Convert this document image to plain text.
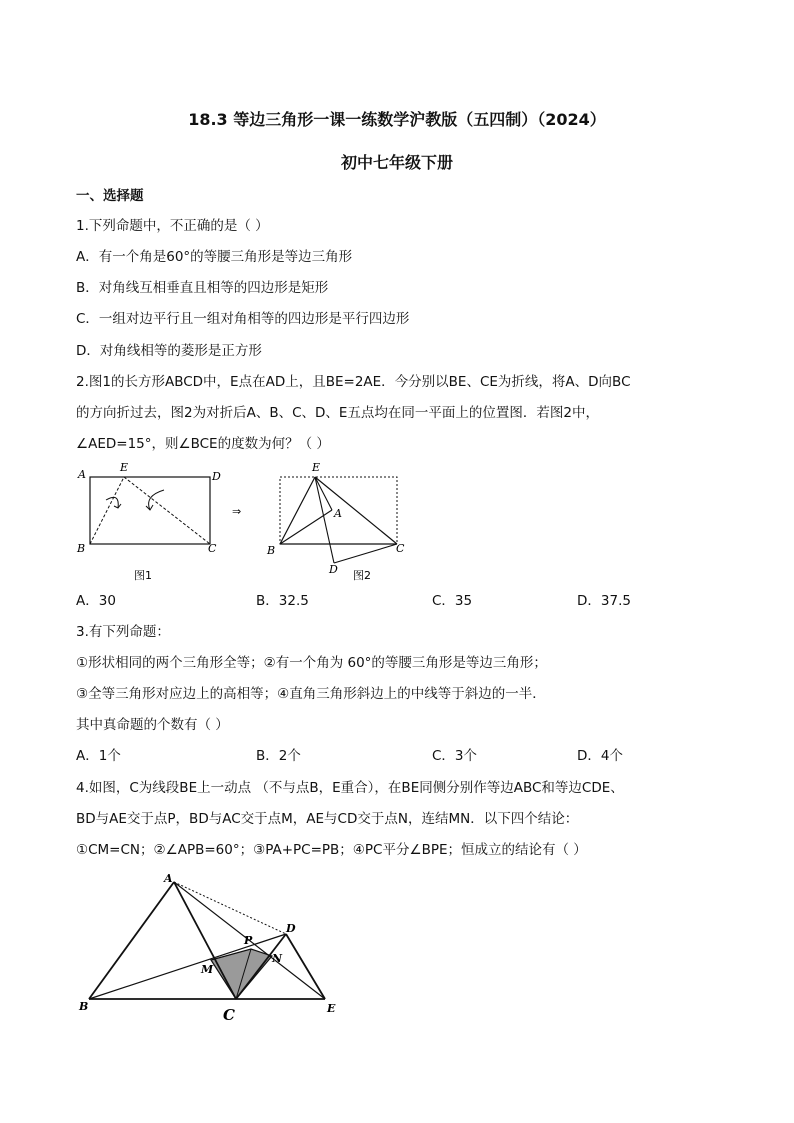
18.3 等边三角形一课一练数学沪教版（五四制）（2024）
初中七年级下册
一、选择题
1.下列命题中，不正确的是（ ）
A．有一个角是60°的等腰三角形是等边三角形
B．对角线互相垂直且相等的四边形是矩形
C．一组对边平行且一组对角相等的四边形是平行四边形
D．对角线相等的菱形是正方形
2.图1的长方形ABCD中，E点在AD上，且BE=2AE．今分别以BE、CE为折线，将A、D向BC
的方向折过去，图2为对折后A、B、C、D、E五点均在同一平面上的位置图．若图2中，
∠AED=15°，则∠BCE的度数为何？（ ）
A
E
D
B	C
图1
⇒
E
A
B	C
D 图2
A．30	B．32.5	C．35	D．37.5
3.有下列命题：
①形状相同的两个三角形全等；②有一个角为 60°的等腰三角形是等边三角形；
③全等三角形对应边上的高相等；④直角三角形斜边上的中线等于斜边的一半．
其中真命题的个数有（ ）
A．1个	B．2个	C．3个	D．4个
4.如图，C为线段BE上一动点 （不与点B，E重合），在BE同侧分别作等边ABC和等边CDE、
BD与AE交于点P，BD与AC交于点M，AE与CD交于点N，连结MN．以下四个结论：
①CM=CN；②∠APB=60°；③PA+PC=PB；④PC平分∠BPE；恒成立的结论有（ ）
A
B	C
D
E
P
M
N
